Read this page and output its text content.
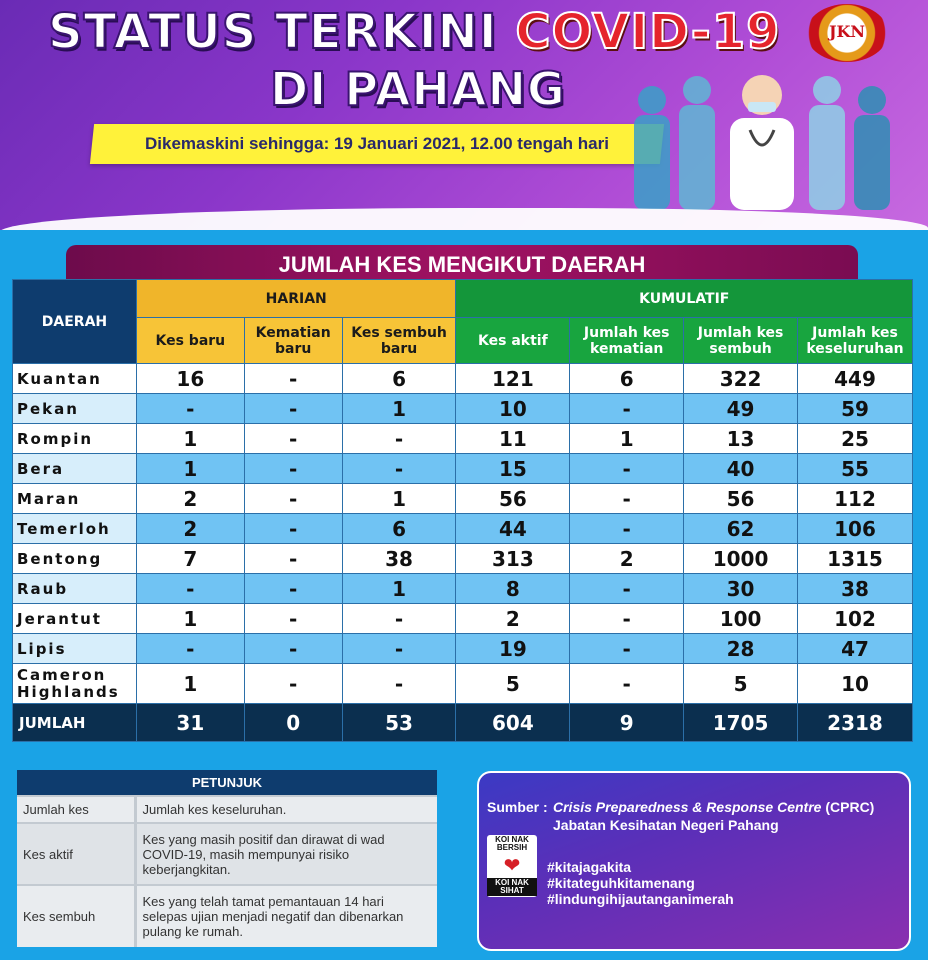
STATUS TERKINI COVID-19
DI PAHANG
Dikemaskini sehingga: 19 Januari 2021, 12.00 tengah hari
JKN
JUMLAH KES MENGIKUT DAERAH
DAERAH	HARIAN			KUMULATIF			
	Kes baru	Kematian baru	Kes sembuh baru	Kes aktif	Jumlah kes kematian	Jumlah kes sembuh	Jumlah kes keseluruhan
Kuantan	16	-	6	121	6	322	449
Pekan	-	-	1	10	-	49	59
Rompin	1	-	-	11	1	13	25
Bera	1	-	-	15	-	40	55
Maran	2	-	1	56	-	56	112
Temerloh	2	-	6	44	-	62	106
Bentong	7	-	38	313	2	1000	1315
Raub	-	-	1	8	-	30	38
Jerantut	1	-	-	2	-	100	102
Lipis	-	-	-	19	-	28	47
Cameron Highlands	1	-	-	5	-	5	10
JUMLAH	31	0	53	604	9	1705	2318
PETUNJUK	
Jumlah kes	Jumlah kes keseluruhan.
Kes aktif	Kes yang masih positif dan dirawat di wad COVID-19, masih mempunyai risiko keberjangkitan.
Kes sembuh	Kes yang telah tamat pemantauan 14 hari selepas ujian menjadi negatif dan dibenarkan pulang ke rumah.
Sumber : Crisis Preparedness & Response Centre (CPRC)
Jabatan Kesihatan Negeri Pahang
KOI NAK BERSIH
❤
KOI NAK SIHAT
#kitajagakita
#kitateguhkitamenang
#lindungihijautanganimerah
